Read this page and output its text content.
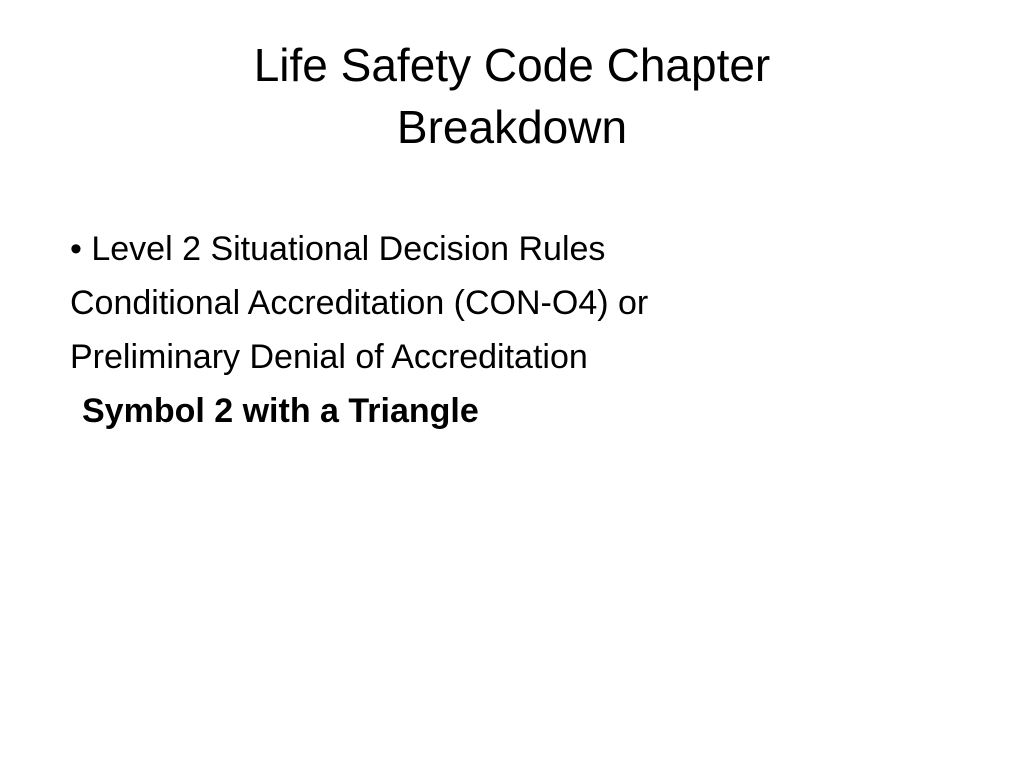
Life Safety Code Chapter
Breakdown
• Level 2 Situational Decision Rules
Conditional Accreditation (CON-O4) or
Preliminary Denial of Accreditation
Symbol 2 with a Triangle
